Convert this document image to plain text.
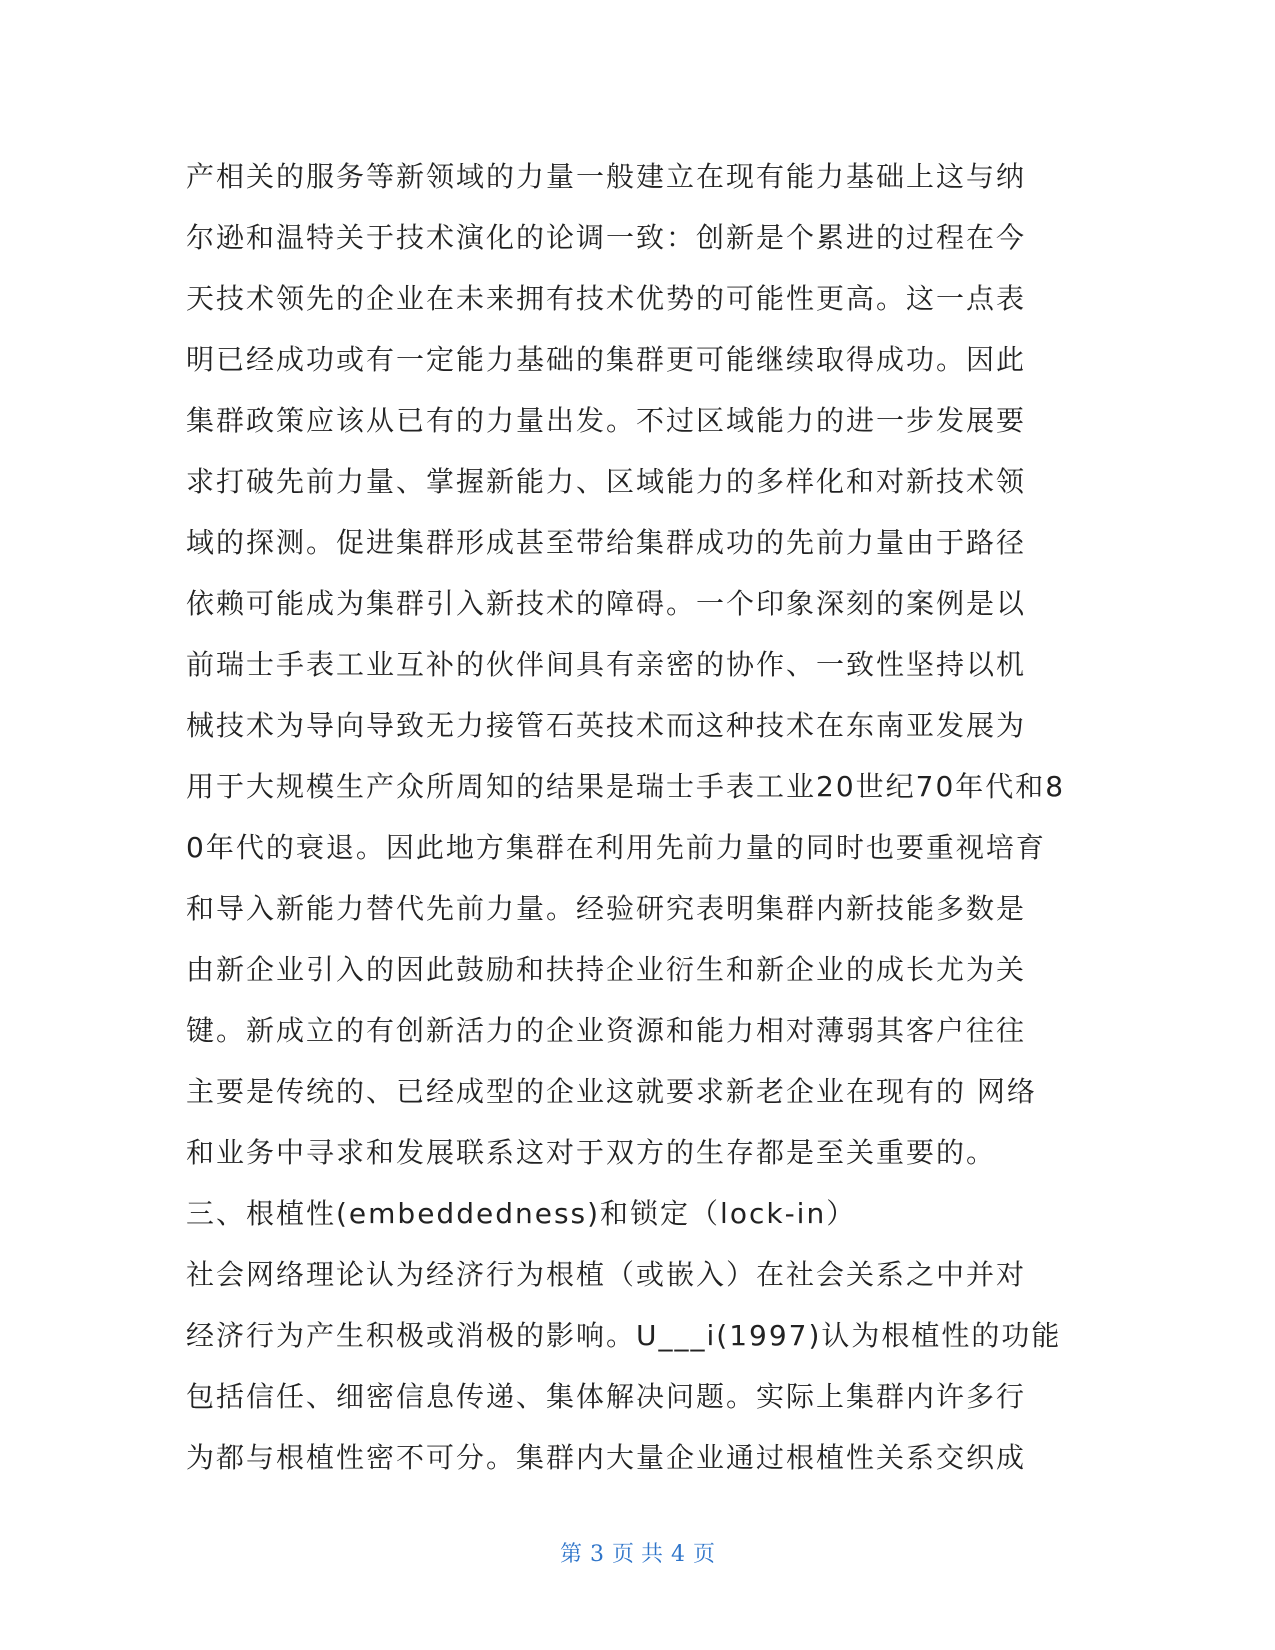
产相关的服务等新领域的力量一般建立在现有能力基础上这与纳
尔逊和温特关于技术演化的论调一致：创新是个累进的过程在今
天技术领先的企业在未来拥有技术优势的可能性更高。这一点表
明已经成功或有一定能力基础的集群更可能继续取得成功。因此
集群政策应该从已有的力量出发。不过区域能力的进一步发展要
求打破先前力量、掌握新能力、区域能力的多样化和对新技术领
域的探测。促进集群形成甚至带给集群成功的先前力量由于路径
依赖可能成为集群引入新技术的障碍。一个印象深刻的案例是以
前瑞士手表工业互补的伙伴间具有亲密的协作、一致性坚持以机
械技术为导向导致无力接管石英技术而这种技术在东南亚发展为
用于大规模生产众所周知的结果是瑞士手表工业20世纪70年代和8
0年代的衰退。因此地方集群在利用先前力量的同时也要重视培育
和导入新能力替代先前力量。经验研究表明集群内新技能多数是
由新企业引入的因此鼓励和扶持企业衍生和新企业的成长尤为关
键。新成立的有创新活力的企业资源和能力相对薄弱其客户往往
主要是传统的、已经成型的企业这就要求新老企业在现有的 网络
和业务中寻求和发展联系这对于双方的生存都是至关重要的。
三、根植性(embeddedness)和锁定（lock-in）
社会网络理论认为经济行为根植（或嵌入）在社会关系之中并对
经济行为产生积极或消极的影响。U___i(1997)认为根植性的功能
包括信任、细密信息传递、集体解决问题。实际上集群内许多行
为都与根植性密不可分。集群内大量企业通过根植性关系交织成
第 3 页 共 4 页
